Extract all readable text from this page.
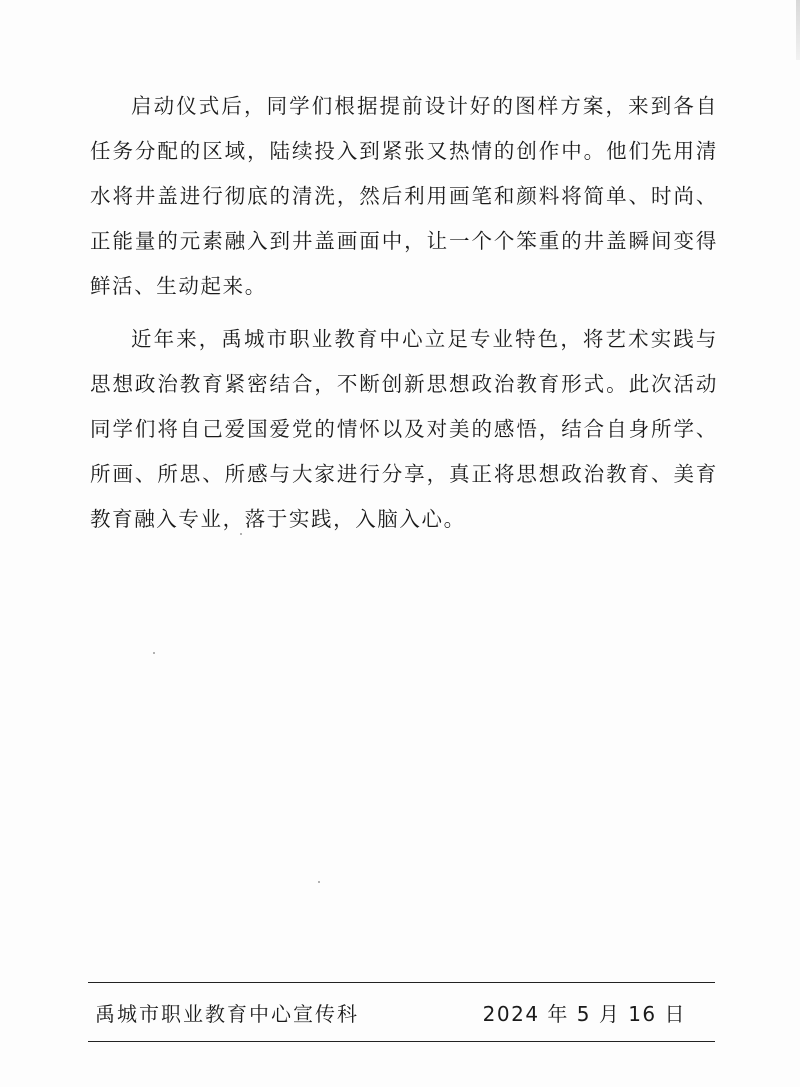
启动仪式后，同学们根据提前设计好的图样方案，来到各自任务分配的区域，陆续投入到紧张又热情的创作中。他们先用清水将井盖进行彻底的清洗，然后利用画笔和颜料将简单、时尚、正能量的元素融入到井盖画面中，让一个个笨重的井盖瞬间变得鲜活、生动起来。

近年来，禹城市职业教育中心立足专业特色，将艺术实践与思想政治教育紧密结合，不断创新思想政治教育形式。此次活动同学们将自己爱国爱党的情怀以及对美的感悟，结合自身所学、所画、所思、所感与大家进行分享，真正将思想政治教育、美育教育融入专业，落于实践，入脑入心。

禹城市职业教育中心宣传科	2024 年 5 月 16 日
